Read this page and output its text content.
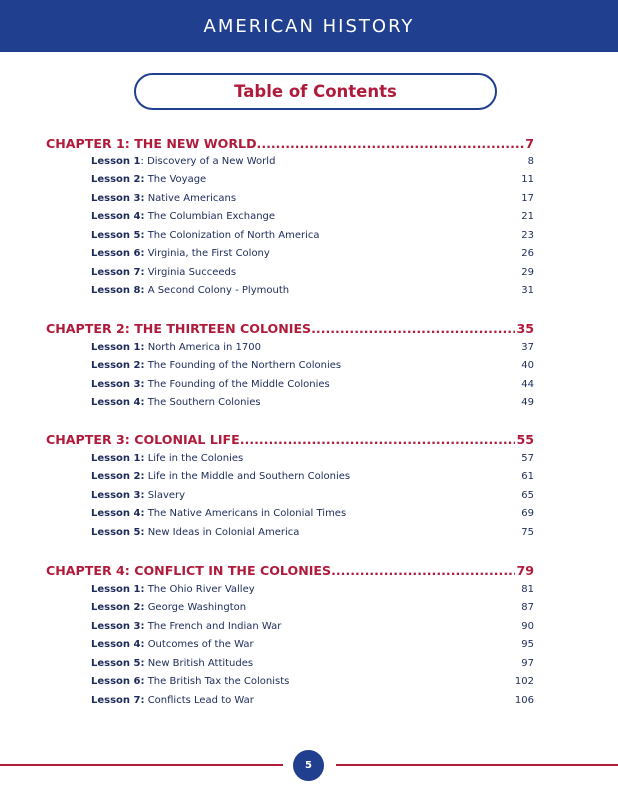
AMERICAN HISTORY
Table of Contents
CHAPTER 1: THE NEW WORLD .....	7
Lesson 1: Discovery of a New World	8
Lesson 2: The Voyage	11
Lesson 3: Native Americans	17
Lesson 4: The Columbian Exchange	21
Lesson 5: The Colonization of North America	23
Lesson 6: Virginia, the First Colony	26
Lesson 7: Virginia Succeeds	29
Lesson 8: A Second Colony - Plymouth	31
CHAPTER 2: THE THIRTEEN COLONIES .....	35
Lesson 1: North America in 1700	37
Lesson 2: The Founding of the Northern Colonies	40
Lesson 3: The Founding of the Middle Colonies	44
Lesson 4: The Southern Colonies	49
CHAPTER 3: COLONIAL LIFE .....	55
Lesson 1: Life in the Colonies	57
Lesson 2: Life in the Middle and Southern Colonies	61
Lesson 3: Slavery	65
Lesson 4: The Native Americans in Colonial Times	69
Lesson 5: New Ideas in Colonial America	75
CHAPTER 4: CONFLICT IN THE COLONIES .....	79
Lesson 1: The Ohio River Valley	81
Lesson 2: George Washington	87
Lesson 3: The French and Indian War	90
Lesson 4: Outcomes of the War	95
Lesson 5: New British Attitudes	97
Lesson 6: The British Tax the Colonists	102
Lesson 7: Conflicts Lead to War	106
5
